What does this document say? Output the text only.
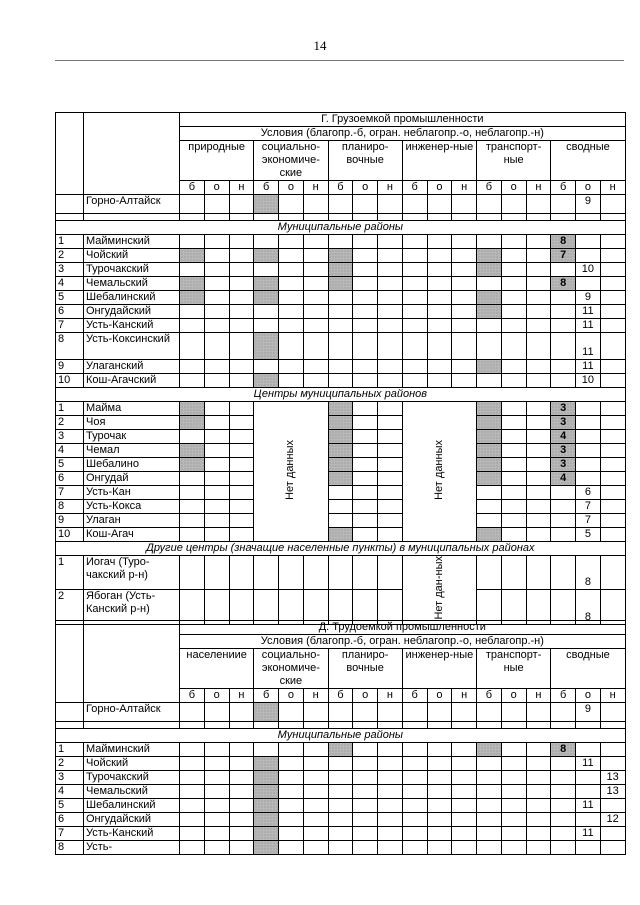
14
		Г. Грузоемкой промышленности																	
		Условия (благопр.-б, огран. неблагопр.-о, неблагопр.-н)																	
		природные			социально-экономиче-ские			планиро-вочные			инженер-ные			транспорт-ные			сводные		
		б	о	н	б	о	н	б	о	н	б	о	н	б	о	н	б	о	н
	Горно-Алтайск																	9	

Муниципальные районы																			
1	Майминский																8		
2	Чойский																7		
3	Турочакский																	10	
4	Чемальский																8		
5	Шебалинский																	9	
6	Онгудайский																	11	
7	Усть-Канский																	11	
8	Усть-Коксинский																	11	
9	Улаганский																	11	
10	Кош-Агачский																	10	
Центры муниципальных районов																			
1	Майма				Нет данных						Нет данных						3		
2	Чоя																3		
3	Турочак																4		
4	Чемал																3		
5	Шебалино																3		
6	Онгудай																4		
7	Усть-Кан																	6	
8	Усть-Кокса																	7	
9	Улаган																	7	
10	Кош-Агач																	5	
Другие центры (значащие населенные пункты) в муниципальных районах																			
1	Иогач (Туро-чакский р-н)										Нет дан-ных							8	
2	Ябоган (Усть-Канский р-н)																	8	
		Д. Трудоемкой промышленности																	
		Условия (благопр.-б, огран. неблагопр.-о, неблагопр.-н)																	
		населениие			социально-экономиче-ские			планиро-вочные			инженер-ные			транспорт-ные			сводные		
		б	о	н	б	о	н	б	о	н	б	о	н	б	о	н	б	о	н
	Горно-Алтайск																	9	

Муниципальные районы																			
1	Майминский																8		
2	Чойский																	11	
3	Турочакский																		13
4	Чемальский																		13
5	Шебалинский																	11	
6	Онгудайский																		12
7	Усть-Канский																	11	
8	Усть-																		
